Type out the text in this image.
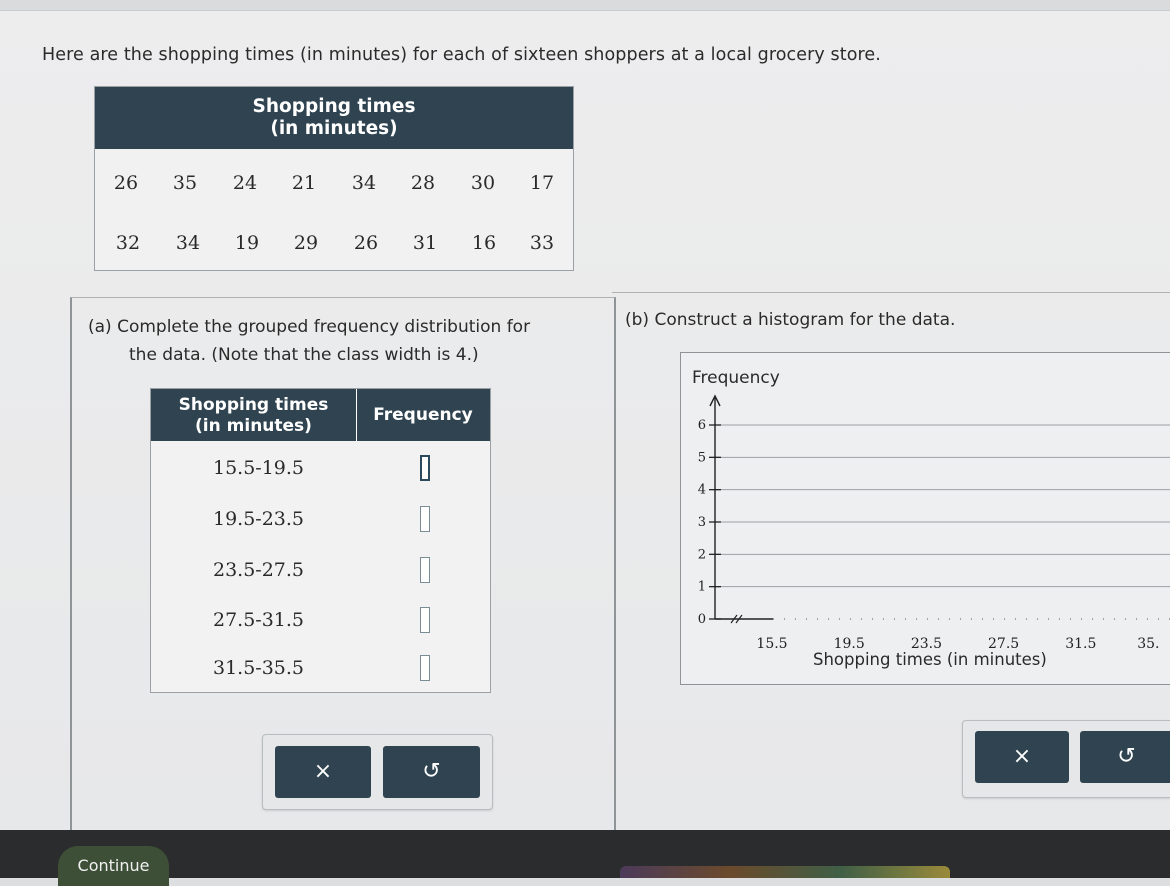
Here are the shopping times (in minutes) for each of sixteen shoppers at a local grocery store.
Shopping times
(in minutes)
26 35 24 21 34 28 30 17
32 34 19 29 26 31 16 33
(a) Complete the grouped frequency distribution for
the data. (Note that the class width is 4.)
Shopping times
(in minutes)
Frequency
15.5-19.5
19.5-23.5
23.5-27.5
27.5-31.5
31.5-35.5
×	↺
(b) Construct a histogram for the data.
Frequency
Shopping times (in minutes)
0
1
2
3
4
5
6
15.5	19.5	23.5	27.5	31.5	35.
×	↺
Continue
